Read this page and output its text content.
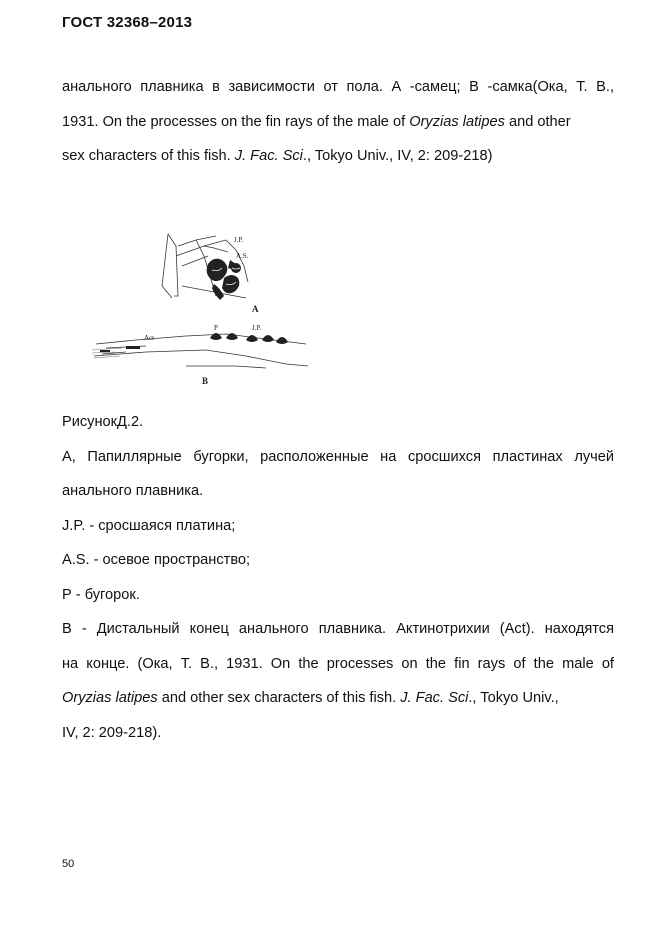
ГОСТ 32368–2013
анального плавника в зависимости от пола. А -самец; В -самка(Ока, Т. В.,
1931. On the processes on the fin rays of the male of Oryzias latipes and other
sex characters of this fish. J. Fac. Sci., Tokyo Univ., IV, 2: 209-218)
J.P.
A.S.
A
Act
P	J.P.
B
РисунокД.2.
А, Папиллярные бугорки, расположенные на сросшихся пластинах лучей
анального плавника.
J.P. - сросшаяся платина;
A.S. - осевое пространство;
Р - бугорок.
В - Дистальный конец анального плавника. Актинотрихии (Act). находятся
на конце. (Ока, Т. В., 1931. On the processes on the fin rays of the male of
Oryzias latipes and other sex characters of this fish. J. Fac. Sci., Tokyo Univ.,
IV, 2: 209-218).
50
